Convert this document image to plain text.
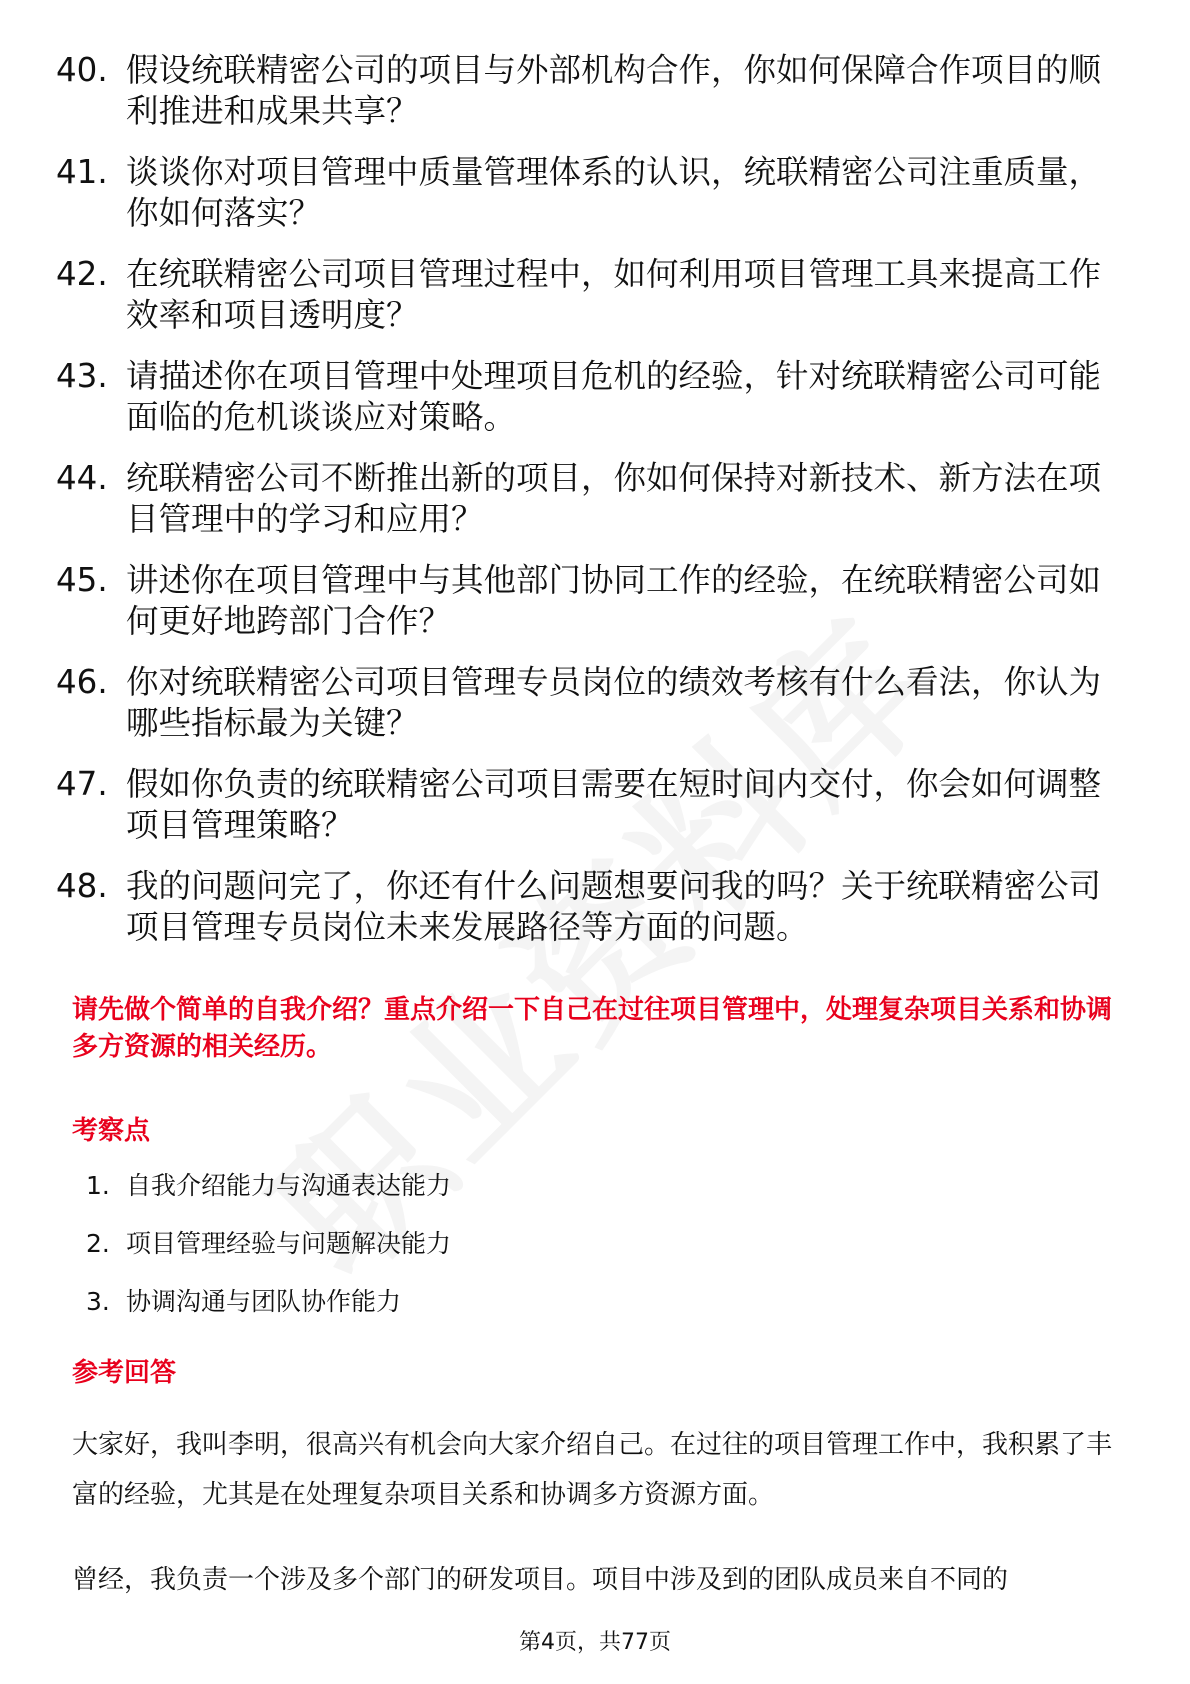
40. 假设统联精密公司的项目与外部机构合作，你如何保障合作项目的顺利推进和成果共享？
41. 谈谈你对项目管理中质量管理体系的认识，统联精密公司注重质量，你如何落实？
42. 在统联精密公司项目管理过程中，如何利用项目管理工具来提高工作效率和项目透明度？
43. 请描述你在项目管理中处理项目危机的经验，针对统联精密公司可能面临的危机谈谈应对策略。
44. 统联精密公司不断推出新的项目，你如何保持对新技术、新方法在项目管理中的学习和应用？
45. 讲述你在项目管理中与其他部门协同工作的经验，在统联精密公司如何更好地跨部门合作？
46. 你对统联精密公司项目管理专员岗位的绩效考核有什么看法，你认为哪些指标最为关键？
47. 假如你负责的统联精密公司项目需要在短时间内交付，你会如何调整项目管理策略？
48. 我的问题问完了，你还有什么问题想要问我的吗？关于统联精密公司项目管理专员岗位未来发展路径等方面的问题。
请先做个简单的自我介绍？重点介绍一下自己在过往项目管理中，处理复杂项目关系和协调多方资源的相关经历。
考察点
1. 自我介绍能力与沟通表达能力
2. 项目管理经验与问题解决能力
3. 协调沟通与团队协作能力
参考回答
大家好，我叫李明，很高兴有机会向大家介绍自己。在过往的项目管理工作中，我积累了丰富的经验，尤其是在处理复杂项目关系和协调多方资源方面。
曾经，我负责一个涉及多个部门的研发项目。项目中涉及到的团队成员来自不同的
第4页，共77页
